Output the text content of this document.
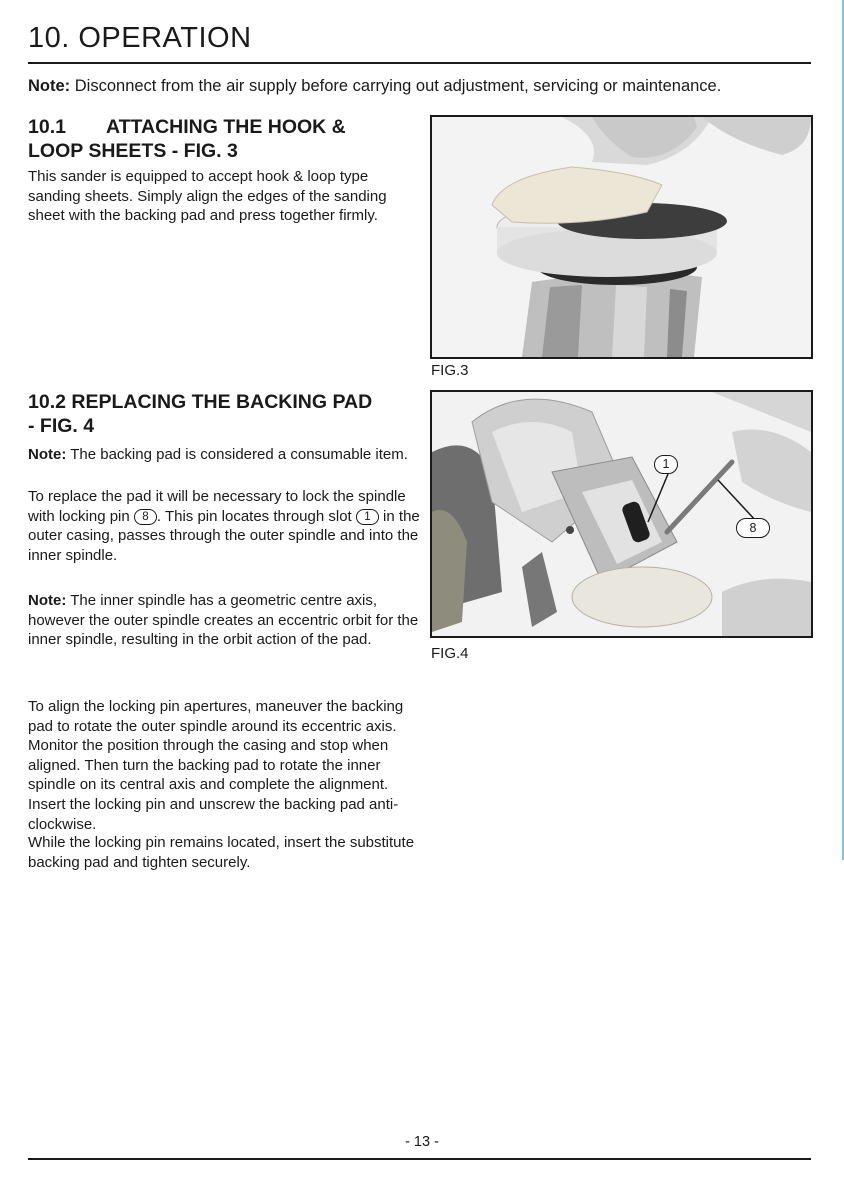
10. OPERATION
Note: Disconnect from the air supply before carrying out adjustment, servicing or maintenance.
10.1 ATTACHING THE HOOK &
LOOP SHEETS - FIG. 3

This sander is equipped to accept hook & loop type sanding sheets. Simply align the edges of the sanding sheet with the backing pad and press together firmly.

FIG.3
10.2 REPLACING THE BACKING PAD
- FIG. 4

Note: The backing pad is considered a consumable item.

To replace the pad it will be necessary to lock the spindle with locking pin 8 . This pin locates through slot 1 in the outer casing, passes through the outer spindle and into the inner spindle.

Note: The inner spindle has a geometric centre axis, however the outer spindle creates an eccentric orbit for the inner spindle, resulting in the orbit action of the pad.

To align the locking pin apertures, maneuver the backing pad to rotate the outer spindle around its eccentric axis. Monitor the position through the casing and stop when aligned. Then turn the backing pad to rotate the inner spindle on its central axis and complete the alignment. Insert the locking pin and unscrew the backing pad anti-clockwise.

While the locking pin remains located, insert the substitute backing pad and tighten securely.

1
8
FIG.4
- 13 -
